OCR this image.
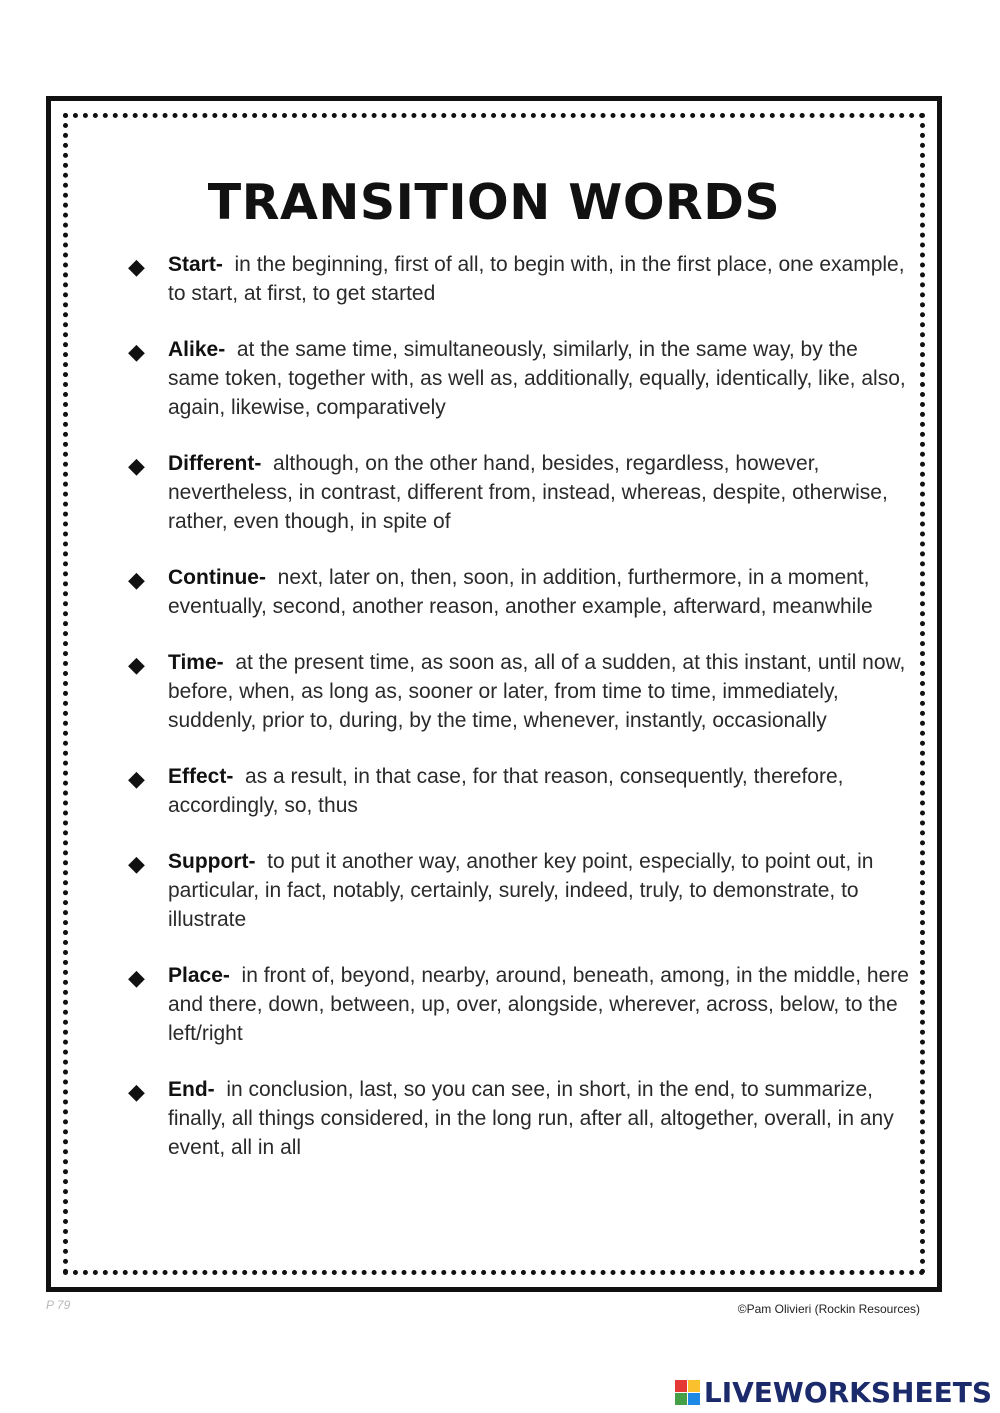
TRANSITION WORDS
◆ Start- in the beginning, first of all, to begin with, in the first place, one example, to start, at first, to get started
◆ Alike- at the same time, simultaneously, similarly, in the same way, by the same token, together with, as well as, additionally, equally, identically, like, also, again, likewise, comparatively
◆ Different- although, on the other hand, besides, regardless, however, nevertheless, in contrast, different from, instead, whereas, despite, otherwise, rather, even though, in spite of
◆ Continue- next, later on, then, soon, in addition, furthermore, in a moment, eventually, second, another reason, another example, afterward, meanwhile
◆ Time- at the present time, as soon as, all of a sudden, at this instant, until now, before, when, as long as, sooner or later, from time to time, immediately, suddenly, prior to, during, by the time, whenever, instantly, occasionally
◆ Effect- as a result, in that case, for that reason, consequently, therefore, accordingly, so, thus
◆ Support- to put it another way, another key point, especially, to point out, in particular, in fact, notably, certainly, surely, indeed, truly, to demonstrate, to illustrate
◆ Place- in front of, beyond, nearby, around, beneath, among, in the middle, here and there, down, between, up, over, alongside, wherever, across, below, to the left/right
◆ End- in conclusion, last, so you can see, in short, in the end, to summarize, finally, all things considered, in the long run, after all, altogether, overall, in any event, all in all
P 79	©Pam Olivieri (Rockin Resources)
LIVEWORKSHEETS
